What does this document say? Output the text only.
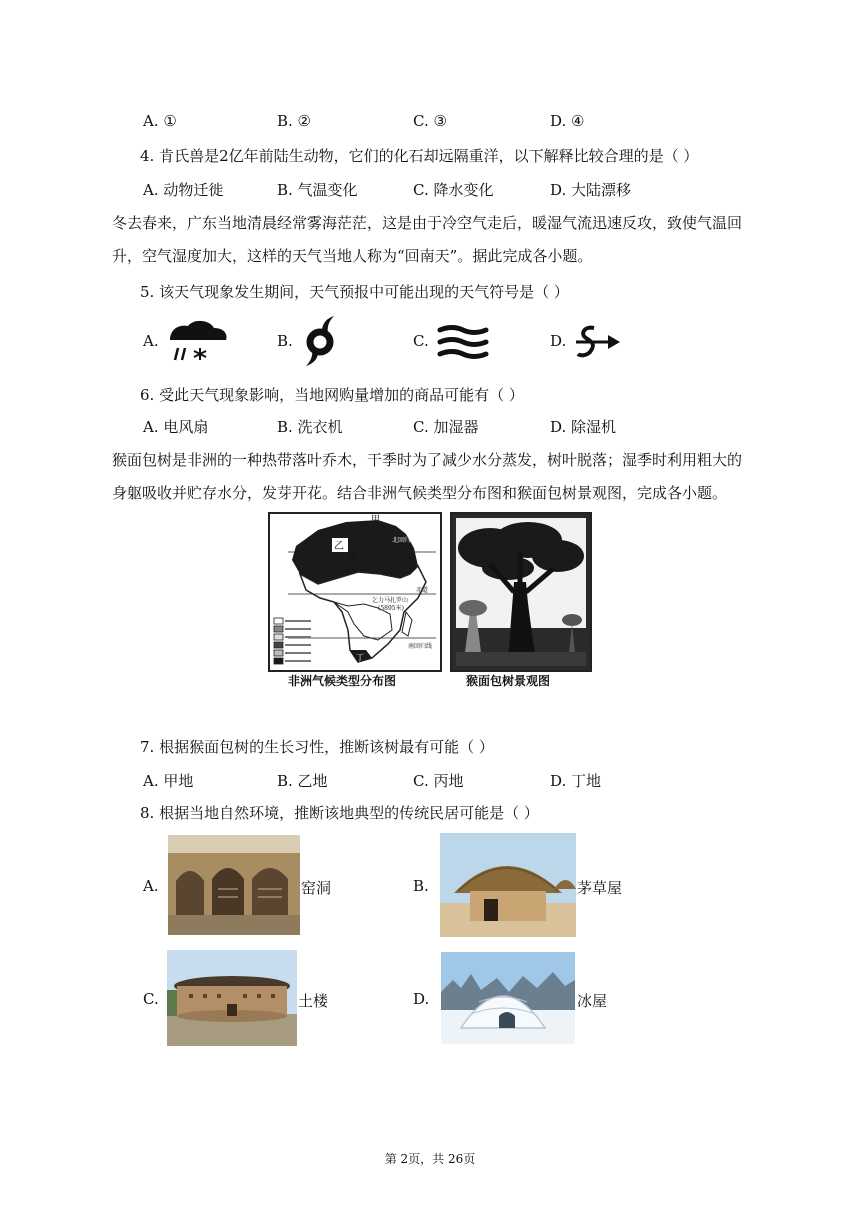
A. ①	B. ②	C. ③	D. ④
4. 肯氏兽是2亿年前陆生动物，它们的化石却远隔重洋，以下解释比较合理的是（ ）
A. 动物迁徙	B. 气温变化	C. 降水变化	D. 大陆漂移
冬去春来，广东当地清晨经常雾海茫茫，这是由于冷空气走后，暖湿气流迅速反攻，致使气温回升，空气湿度加大，这样的天气当地人称为“回南天”。据此完成各小题。
5. 该天气现象发生期间，天气预报中可能出现的天气符号是（ ）
A.	B.	C.	D.
6. 受此天气现象影响，当地网购量增加的商品可能有（ ）
A. 电风扇	B. 洗衣机	C. 加湿器	D. 除湿机
猴面包树是非洲的一种热带落叶乔木，干季时为了减少水分蒸发，树叶脱落；湿季时利用粗大的身躯吸收并贮存水分，发芽开花。结合非洲气候类型分布图和猴面包树景观图，完成各小题。
甲
乙
丙
丁
北回归线
赤道
乞力马扎罗山
(5895米)
南回归线
非洲气候类型分布图	猴面包树景观图
7. 根据猴面包树的生长习性，推断该树最有可能（ ）
A. 甲地	B. 乙地	C. 丙地	D. 丁地
8. 根据当地自然环境，推断该地典型的传统民居可能是（ ）
A.	窑洞	B.	茅草屋
C.	土楼	D.	冰屋
第 2页，共 26页
